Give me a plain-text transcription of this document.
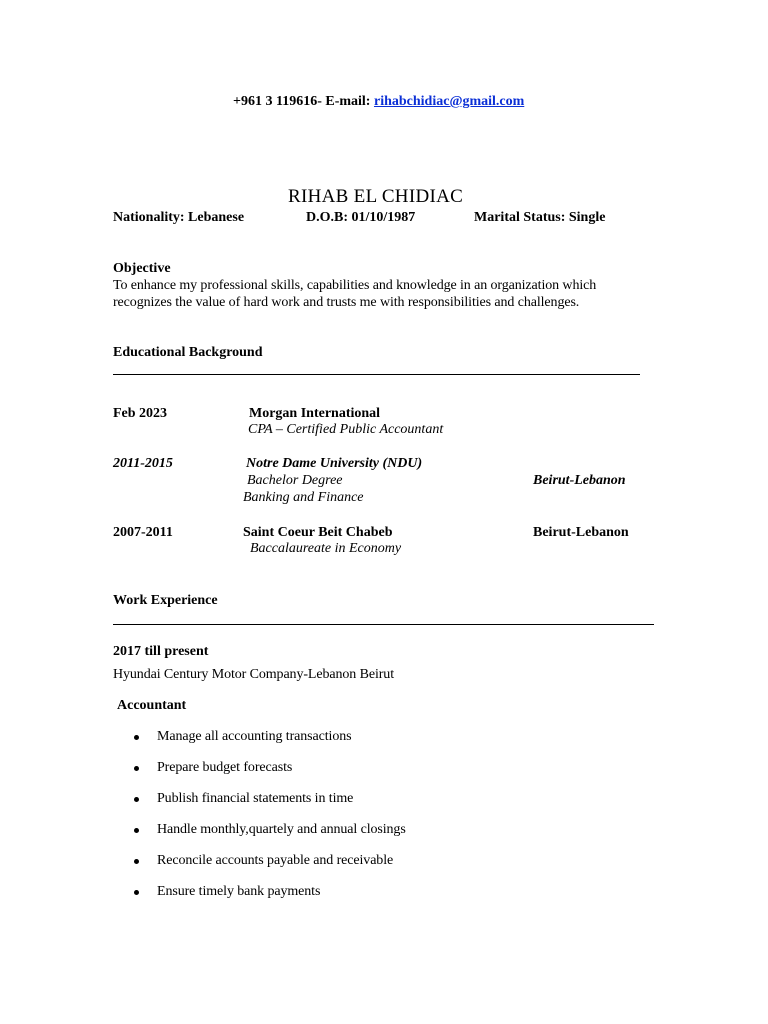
+961 3 119616- E-mail: rihabchidiac@gmail.com
RIHAB EL CHIDIAC
Nationality: Lebanese	D.O.B: 01/10/1987	Marital Status: Single
Objective
To enhance my professional skills, capabilities and knowledge in an organization which
recognizes the value of hard work and trusts me with responsibilities and challenges.
Educational Background
Feb 2023	Morgan International
CPA – Certified Public Accountant
2011-2015	Notre Dame University (NDU)
Bachelor Degree	Beirut-Lebanon
Banking and Finance
2007-2011	Saint Coeur Beit Chabeb	Beirut-Lebanon
Baccalaureate in Economy
Work Experience
2017 till present
Hyundai Century Motor Company-Lebanon Beirut
Accountant
Manage all accounting transactions
Prepare budget forecasts
Publish financial statements in time
Handle monthly,quartely and annual closings
Reconcile accounts payable and receivable
Ensure timely bank payments
